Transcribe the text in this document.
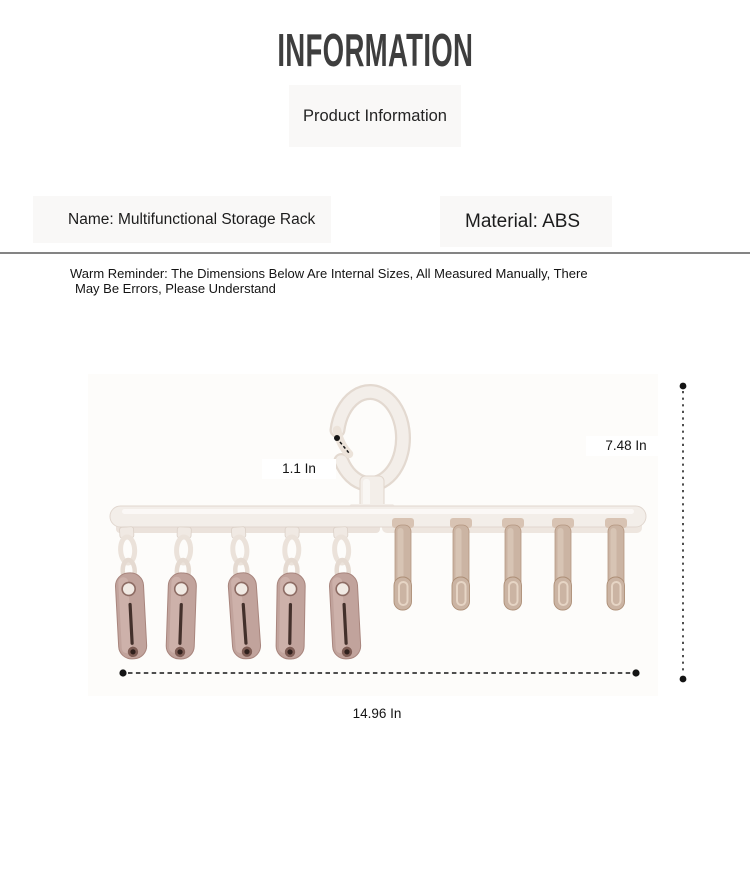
INFORMATION
Product Information
Name: Multifunctional Storage Rack	Material: ABS
Warm Reminder: The Dimensions Below Are Internal Sizes, All Measured Manually, There
May Be Errors, Please Understand
1.1 In
7.48 In
14.96 In
